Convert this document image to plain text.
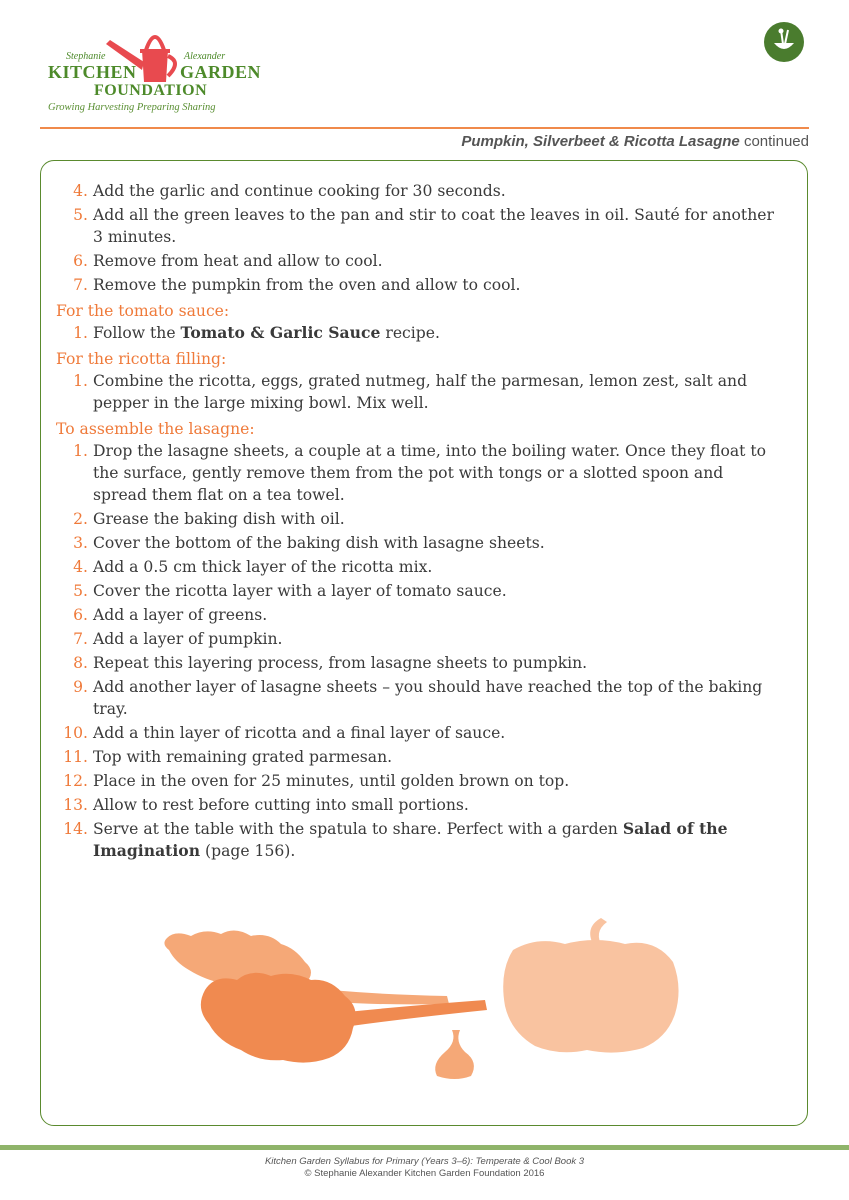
Stephanie	Alexander
KITCHEN GARDEN
FOUNDATION
Growing Harvesting Preparing Sharing
Pumpkin, Silverbeet & Ricotta Lasagne continued
4. Add the garlic and continue cooking for 30 seconds.
5. Add all the green leaves to the pan and stir to coat the leaves in oil. Sauté for another 3 minutes.
6. Remove from heat and allow to cool.
7. Remove the pumpkin from the oven and allow to cool.
For the tomato sauce:
1. Follow the Tomato & Garlic Sauce recipe.
For the ricotta filling:
1. Combine the ricotta, eggs, grated nutmeg, half the parmesan, lemon zest, salt and pepper in the large mixing bowl. Mix well.
To assemble the lasagne:
1. Drop the lasagne sheets, a couple at a time, into the boiling water. Once they float to the surface, gently remove them from the pot with tongs or a slotted spoon and spread them flat on a tea towel.
2. Grease the baking dish with oil.
3. Cover the bottom of the baking dish with lasagne sheets.
4. Add a 0.5 cm thick layer of the ricotta mix.
5. Cover the ricotta layer with a layer of tomato sauce.
6. Add a layer of greens.
7. Add a layer of pumpkin.
8. Repeat this layering process, from lasagne sheets to pumpkin.
9. Add another layer of lasagne sheets – you should have reached the top of the baking tray.
10. Add a thin layer of ricotta and a final layer of sauce.
11. Top with remaining grated parmesan.
12. Place in the oven for 25 minutes, until golden brown on top.
13. Allow to rest before cutting into small portions.
14. Serve at the table with the spatula to share. Perfect with a garden Salad of the Imagination (page 156).
Kitchen Garden Syllabus for Primary (Years 3–6): Temperate & Cool Book 3
© Stephanie Alexander Kitchen Garden Foundation 2016
